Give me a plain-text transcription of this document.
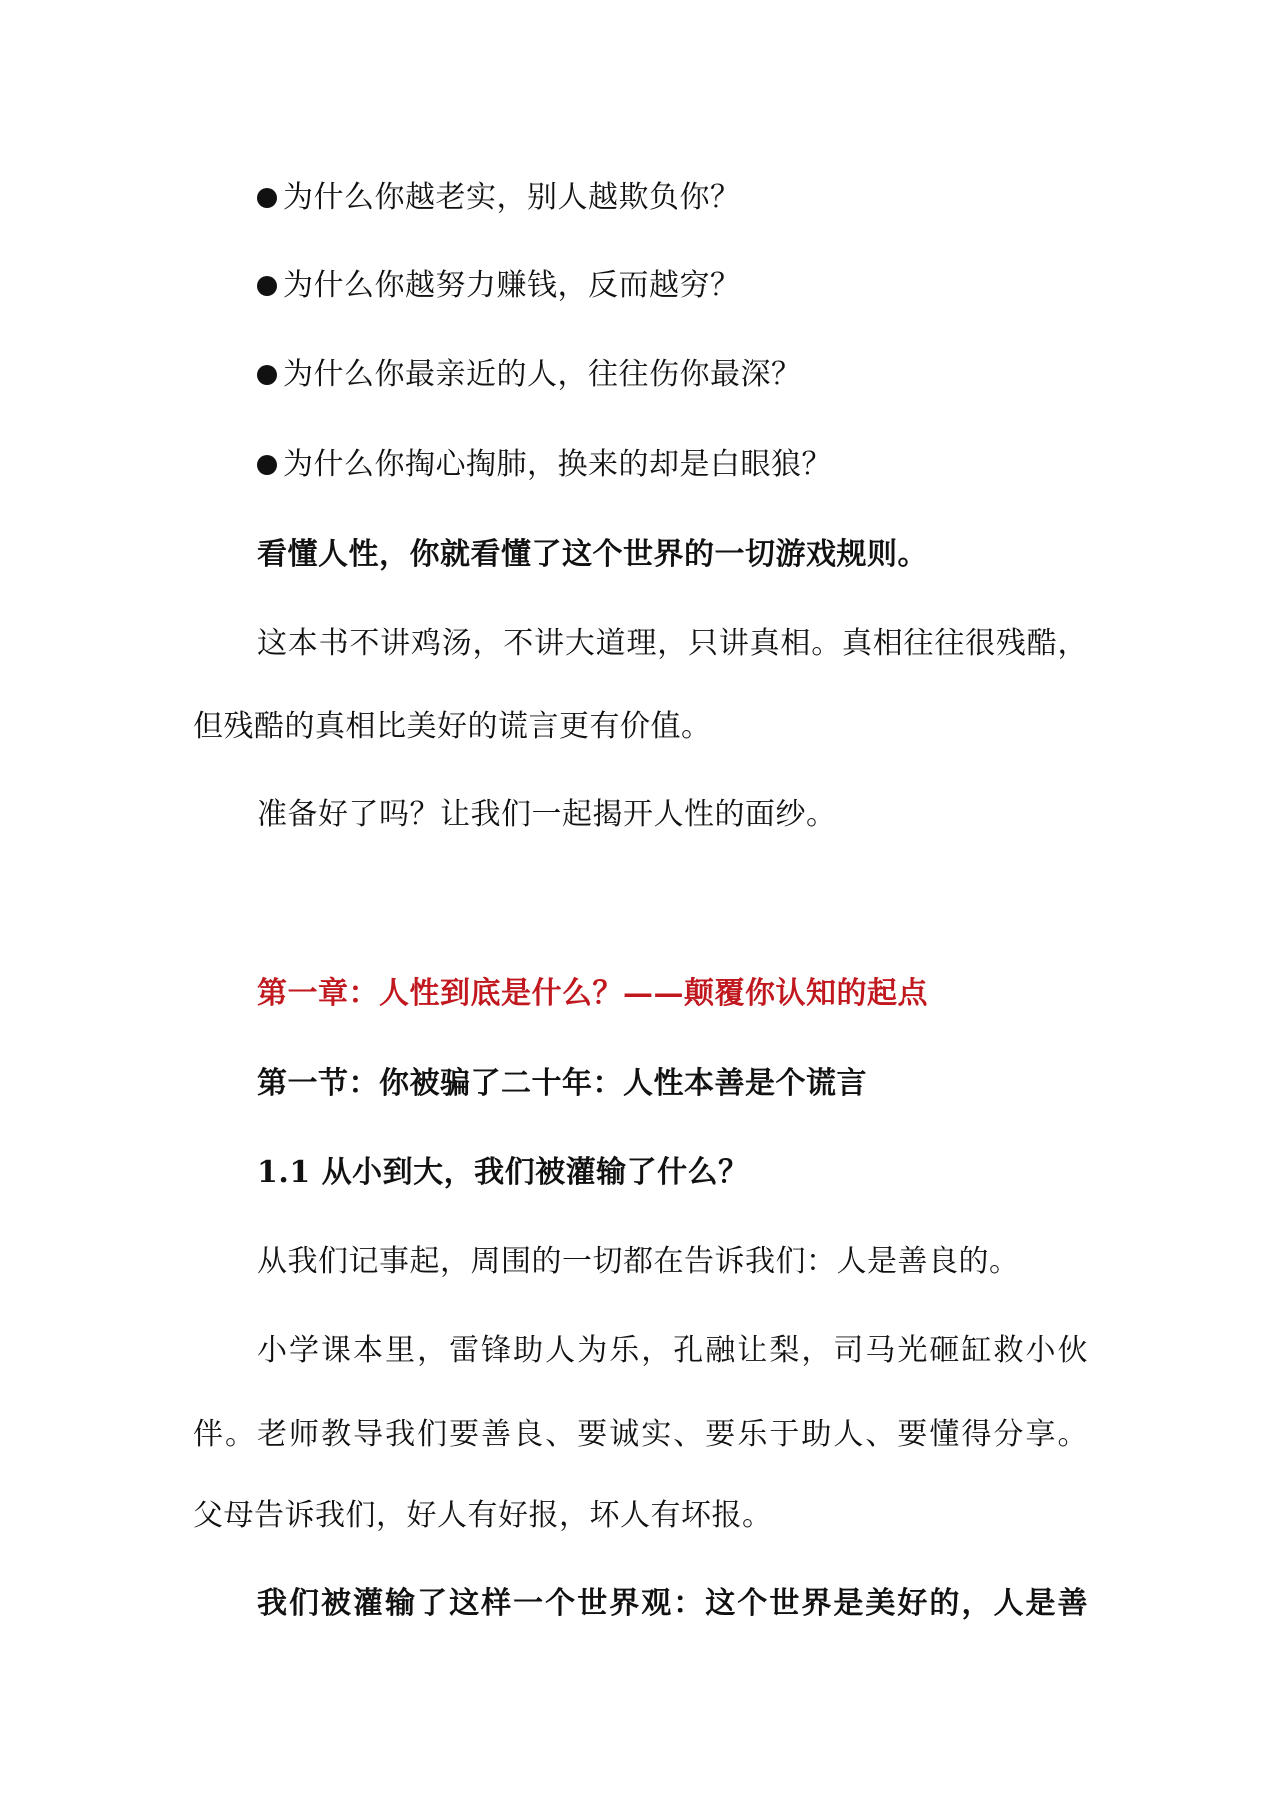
为什么你越老实，别人越欺负你？
为什么你越努力赚钱，反而越穷？
为什么你最亲近的人，往往伤你最深？
为什么你掏心掏肺，换来的却是白眼狼？
看懂人性，你就看懂了这个世界的一切游戏规则。
这本书不讲鸡汤，不讲大道理，只讲真相。真相往往很残酷，
但残酷的真相比美好的谎言更有价值。
准备好了吗？让我们一起揭开人性的面纱。
第一章：人性到底是什么？——颠覆你认知的起点
第一节：你被骗了二十年：人性本善是个谎言
1.1 从小到大，我们被灌输了什么？
从我们记事起，周围的一切都在告诉我们：人是善良的。
小学课本里，雷锋助人为乐，孔融让梨，司马光砸缸救小伙
伴。老师教导我们要善良、要诚实、要乐于助人、要懂得分享。
父母告诉我们，好人有好报，坏人有坏报。
我们被灌输了这样一个世界观：这个世界是美好的，人是善
